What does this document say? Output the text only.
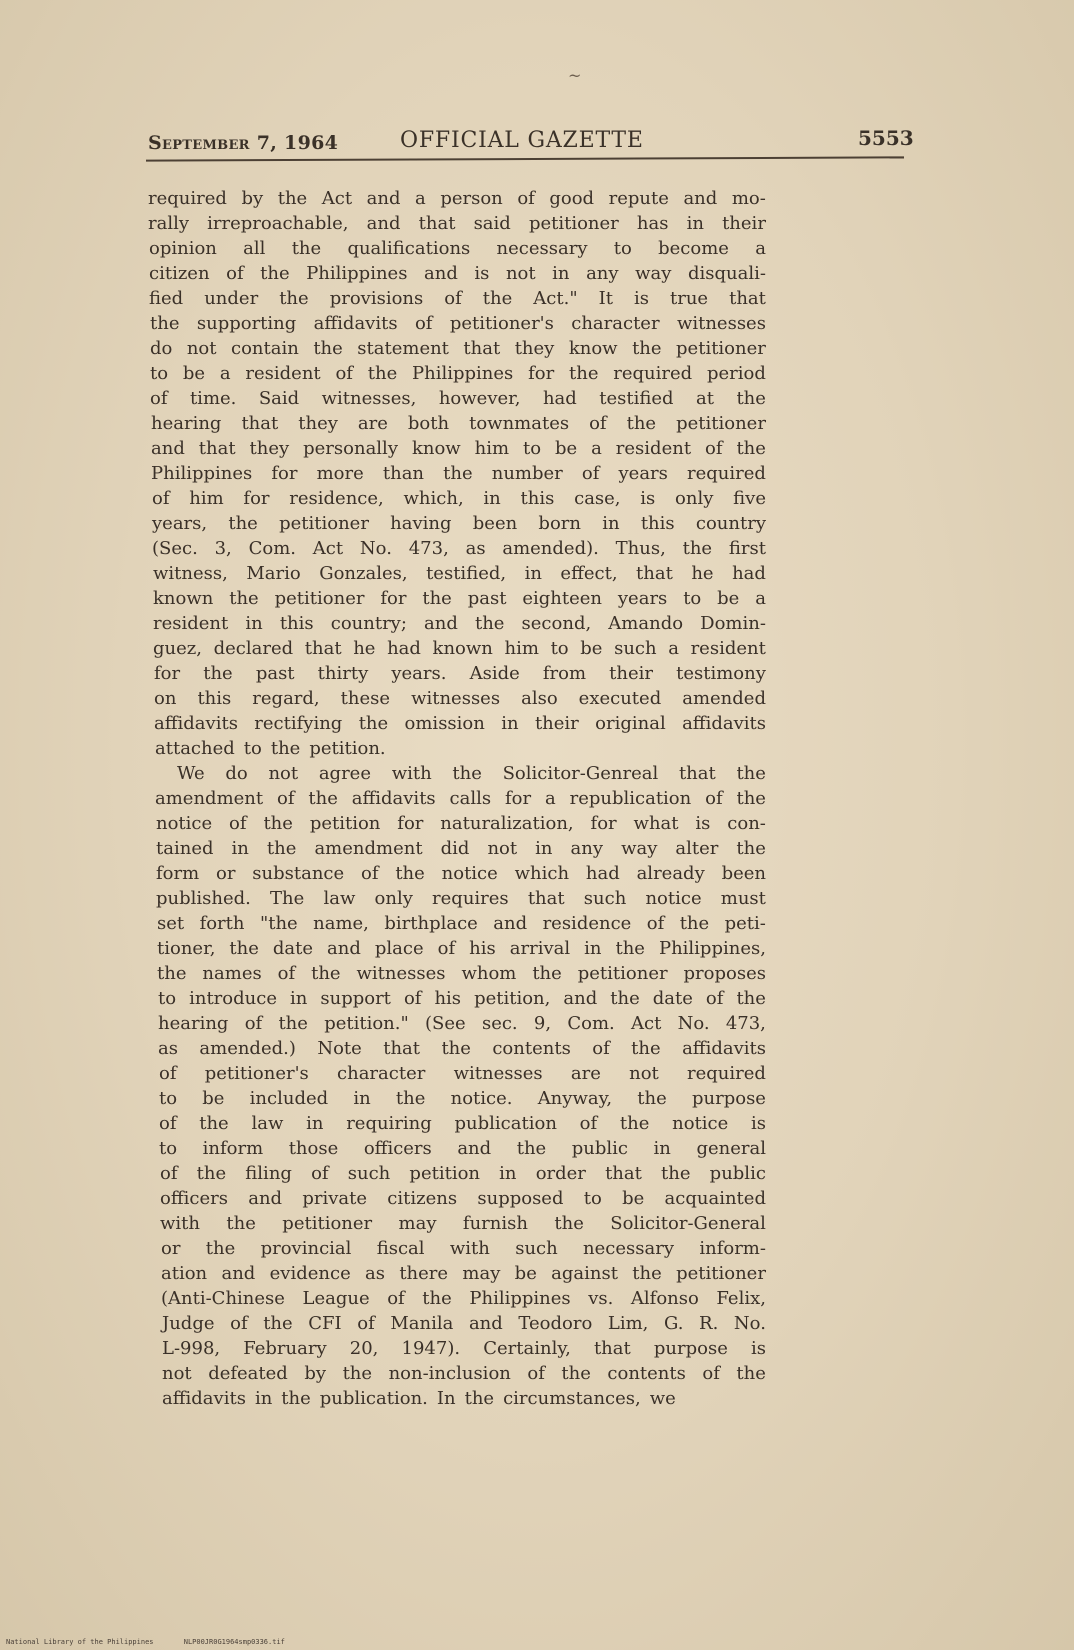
~
September 7, 1964	OFFICIAL GAZETTE	5553
required by the Act and a person of good repute and mo-
rally irreproachable, and that said petitioner has in their
opinion all the qualifications necessary to become a
citizen of the Philippines and is not in any way disquali-
fied under the provisions of the Act." It is true that
the supporting affidavits of petitioner's character witnesses
do not contain the statement that they know the petitioner
to be a resident of the Philippines for the required period
of time. Said witnesses, however, had testified at the
hearing that they are both townmates of the petitioner
and that they personally know him to be a resident of the
Philippines for more than the number of years required
of him for residence, which, in this case, is only five
years, the petitioner having been born in this country
(Sec. 3, Com. Act No. 473, as amended). Thus, the first
witness, Mario Gonzales, testified, in effect, that he had
known the petitioner for the past eighteen years to be a
resident in this country; and the second, Amando Domin-
guez, declared that he had known him to be such a resident
for the past thirty years. Aside from their testimony
on this regard, these witnesses also executed amended
affidavits rectifying the omission in their original affidavits
attached to the petition.
We do not agree with the Solicitor-Genreal that the
amendment of the affidavits calls for a republication of the
notice of the petition for naturalization, for what is con-
tained in the amendment did not in any way alter the
form or substance of the notice which had already been
published. The law only requires that such notice must
set forth "the name, birthplace and residence of the peti-
tioner, the date and place of his arrival in the Philippines,
the names of the witnesses whom the petitioner proposes
to introduce in support of his petition, and the date of the
hearing of the petition." (See sec. 9, Com. Act No. 473,
as amended.) Note that the contents of the affidavits
of petitioner's character witnesses are not required
to be included in the notice. Anyway, the purpose
of the law in requiring publication of the notice is
to inform those officers and the public in general
of the filing of such petition in order that the public
officers and private citizens supposed to be acquainted
with the petitioner may furnish the Solicitor-General
or the provincial fiscal with such necessary inform-
ation and evidence as there may be against the petitioner
(Anti-Chinese League of the Philippines vs. Alfonso Felix,
Judge of the CFI of Manila and Teodoro Lim, G. R. No.
L-998, February 20, 1947). Certainly, that purpose is
not defeated by the non-inclusion of the contents of the
affidavits in the publication. In the circumstances, we
National Library of the Philippines	NLP00JR0G1964smp0336.tif
